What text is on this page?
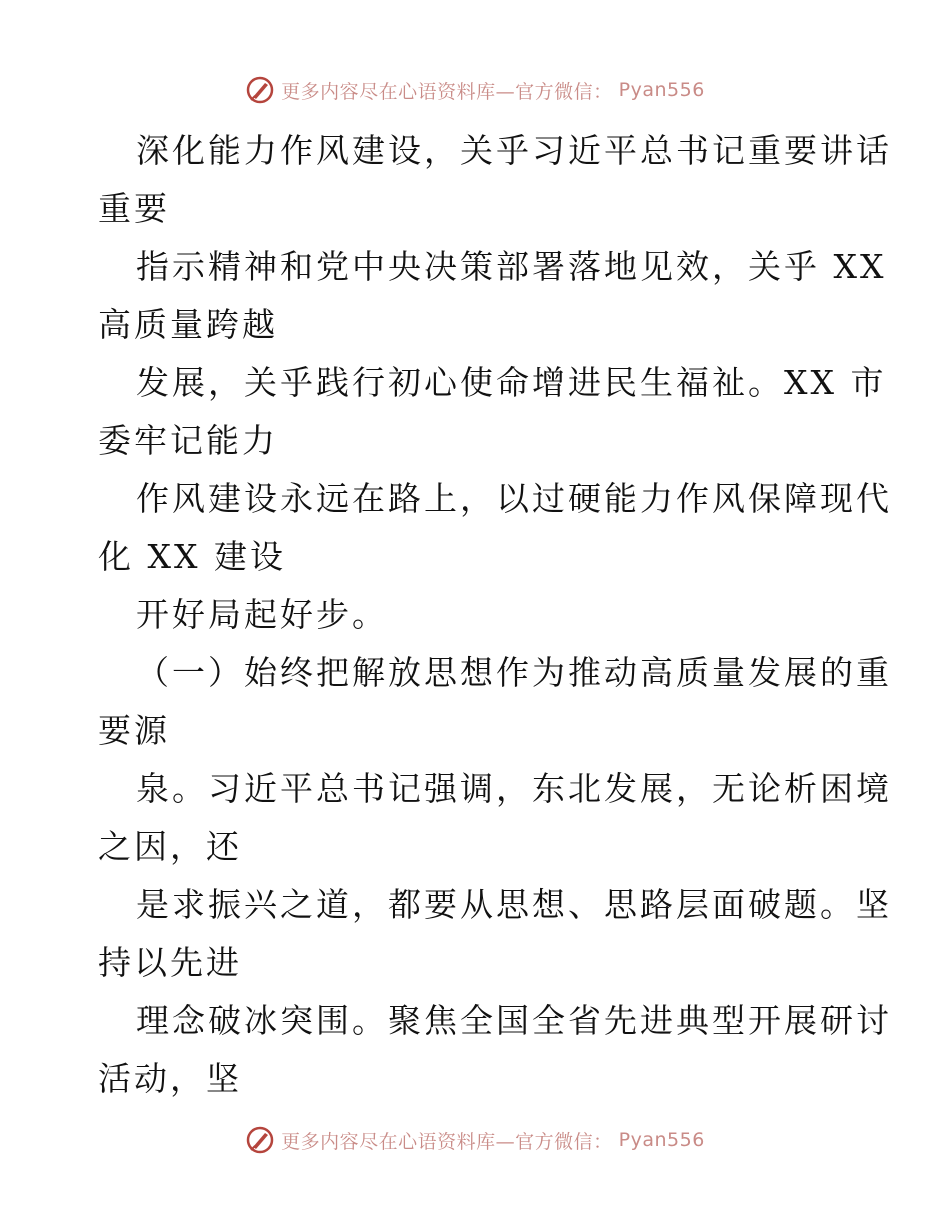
更多内容尽在心语资料库—官方微信： Pyan556
深化能力作风建设，关乎习近平总书记重要讲话
重要
指示精神和党中央决策部署落地见效，关乎 XX
高质量跨越
发展，关乎践行初心使命增进民生福祉。XX 市
委牢记能力
作风建设永远在路上，以过硬能力作风保障现代
化 XX 建设
开好局起好步。
（一）始终把解放思想作为推动高质量发展的重
要源
泉。习近平总书记强调，东北发展，无论析困境
之因，还
是求振兴之道，都要从思想、思路层面破题。坚
持以先进
理念破冰突围。聚焦全国全省先进典型开展研讨
活动，坚
更多内容尽在心语资料库—官方微信： Pyan556
